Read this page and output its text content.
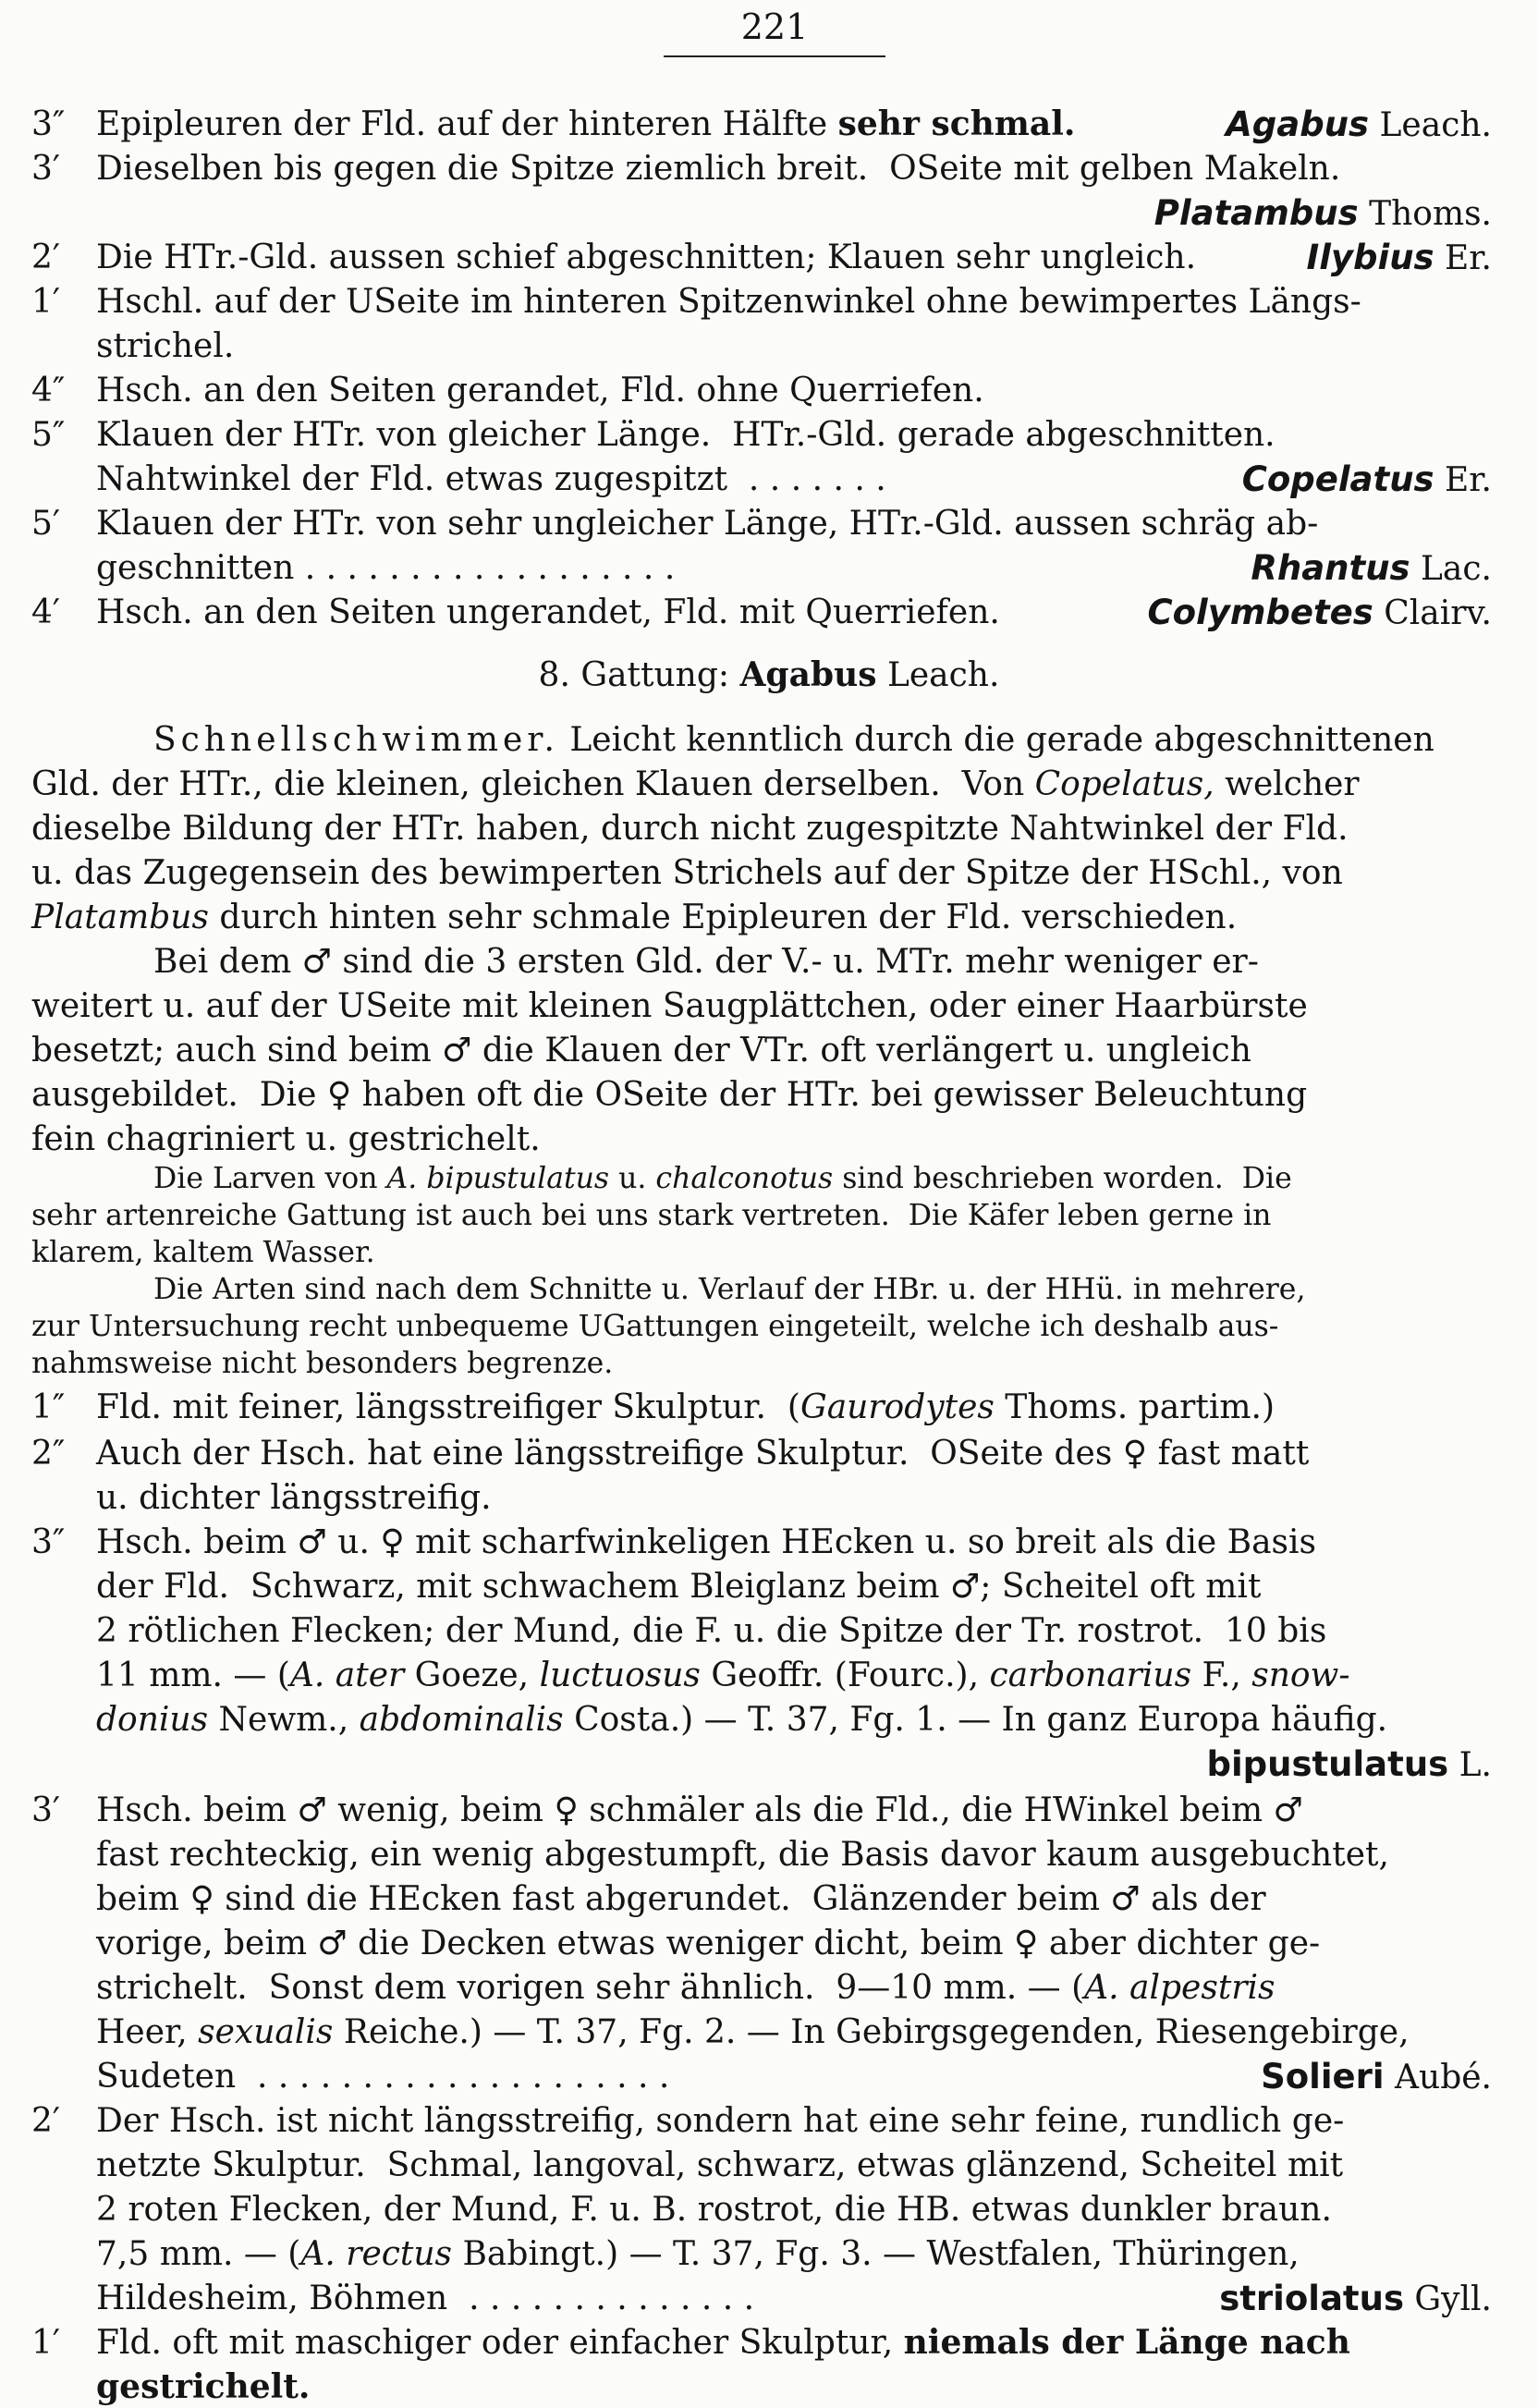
221
3″ Epipleuren der Fld. auf der hinteren Hälfte sehr schmal.	Agabus Leach.
3′ Dieselben bis gegen die Spitze ziemlich breit.  OSeite mit gelben Makeln.
Platambus Thoms.
2′ Die HTr.-Gld. aussen schief abgeschnitten; Klauen sehr ungleich.	Ilybius Er.
1′ Hschl. auf der USeite im hinteren Spitzenwinkel ohne bewimpertes Längs-
strichel.
4″ Hsch. an den Seiten gerandet, Fld. ohne Querriefen.
5″ Klauen der HTr. von gleicher Länge.  HTr.-Gld. gerade abgeschnitten.
Nahtwinkel der Fld. etwas zugespitzt  . . . . . . .	Copelatus Er.
5′ Klauen der HTr. von sehr ungleicher Länge, HTr.-Gld. aussen schräg ab-
geschnitten . . . . . . . . . . . . . . . . . .	Rhantus Lac.
4′ Hsch. an den Seiten ungerandet, Fld. mit Querriefen.	Colymbetes Clairv.
8. Gattung: Agabus Leach.
Schnellschwimmer. Leicht kenntlich durch die gerade abgeschnittenen
Gld. der HTr., die kleinen, gleichen Klauen derselben.  Von Copelatus, welcher
dieselbe Bildung der HTr. haben, durch nicht zugespitzte Nahtwinkel der Fld.
u. das Zugegensein des bewimperten Strichels auf der Spitze der HSchl., von
Platambus durch hinten sehr schmale Epipleuren der Fld. verschieden.
Bei dem ♂ sind die 3 ersten Gld. der V.- u. MTr. mehr weniger er-
weitert u. auf der USeite mit kleinen Saugplättchen, oder einer Haarbürste
besetzt; auch sind beim ♂ die Klauen der VTr. oft verlängert u. ungleich
ausgebildet.  Die ♀ haben oft die OSeite der HTr. bei gewisser Beleuchtung
fein chagriniert u. gestrichelt.
Die Larven von A. bipustulatus u. chalconotus sind beschrieben worden.  Die
sehr artenreiche Gattung ist auch bei uns stark vertreten.  Die Käfer leben gerne in
klarem, kaltem Wasser.
Die Arten sind nach dem Schnitte u. Verlauf der HBr. u. der HHü. in mehrere,
zur Untersuchung recht unbequeme UGattungen eingeteilt, welche ich deshalb aus-
nahmsweise nicht besonders begrenze.
1″ Fld. mit feiner, längsstreifiger Skulptur.  (Gaurodytes Thoms. partim.)
2″ Auch der Hsch. hat eine längsstreifige Skulptur.  OSeite des ♀ fast matt
u. dichter längsstreifig.
3″ Hsch. beim ♂ u. ♀ mit scharfwinkeligen HEcken u. so breit als die Basis
der Fld.  Schwarz, mit schwachem Bleiglanz beim ♂; Scheitel oft mit
2 rötlichen Flecken; der Mund, die F. u. die Spitze der Tr. rostrot.  10 bis
11 mm. — (A. ater Goeze, luctuosus Geoffr. (Fourc.), carbonarius F., snow-
donius Newm., abdominalis Costa.) — T. 37, Fg. 1. — In ganz Europa häufig.
bipustulatus L.
3′ Hsch. beim ♂ wenig, beim ♀ schmäler als die Fld., die HWinkel beim ♂
fast rechteckig, ein wenig abgestumpft, die Basis davor kaum ausgebuchtet,
beim ♀ sind die HEcken fast abgerundet.  Glänzender beim ♂ als der
vorige, beim ♂ die Decken etwas weniger dicht, beim ♀ aber dichter ge-
strichelt.  Sonst dem vorigen sehr ähnlich.  9—10 mm. — (A. alpestris
Heer, sexualis Reiche.) — T. 37, Fg. 2. — In Gebirgsgegenden, Riesengebirge,
Sudeten  . . . . . . . . . . . . . . . . . . . .	Solieri Aubé.
2′ Der Hsch. ist nicht längsstreifig, sondern hat eine sehr feine, rundlich ge-
netzte Skulptur.  Schmal, langoval, schwarz, etwas glänzend, Scheitel mit
2 roten Flecken, der Mund, F. u. B. rostrot, die HB. etwas dunkler braun.
7,5 mm. — (A. rectus Babingt.) — T. 37, Fg. 3. — Westfalen, Thüringen,
Hildesheim, Böhmen  . . . . . . . . . . . . . .	striolatus Gyll.
1′ Fld. oft mit maschiger oder einfacher Skulptur, niemals der Länge nach
gestrichelt.
